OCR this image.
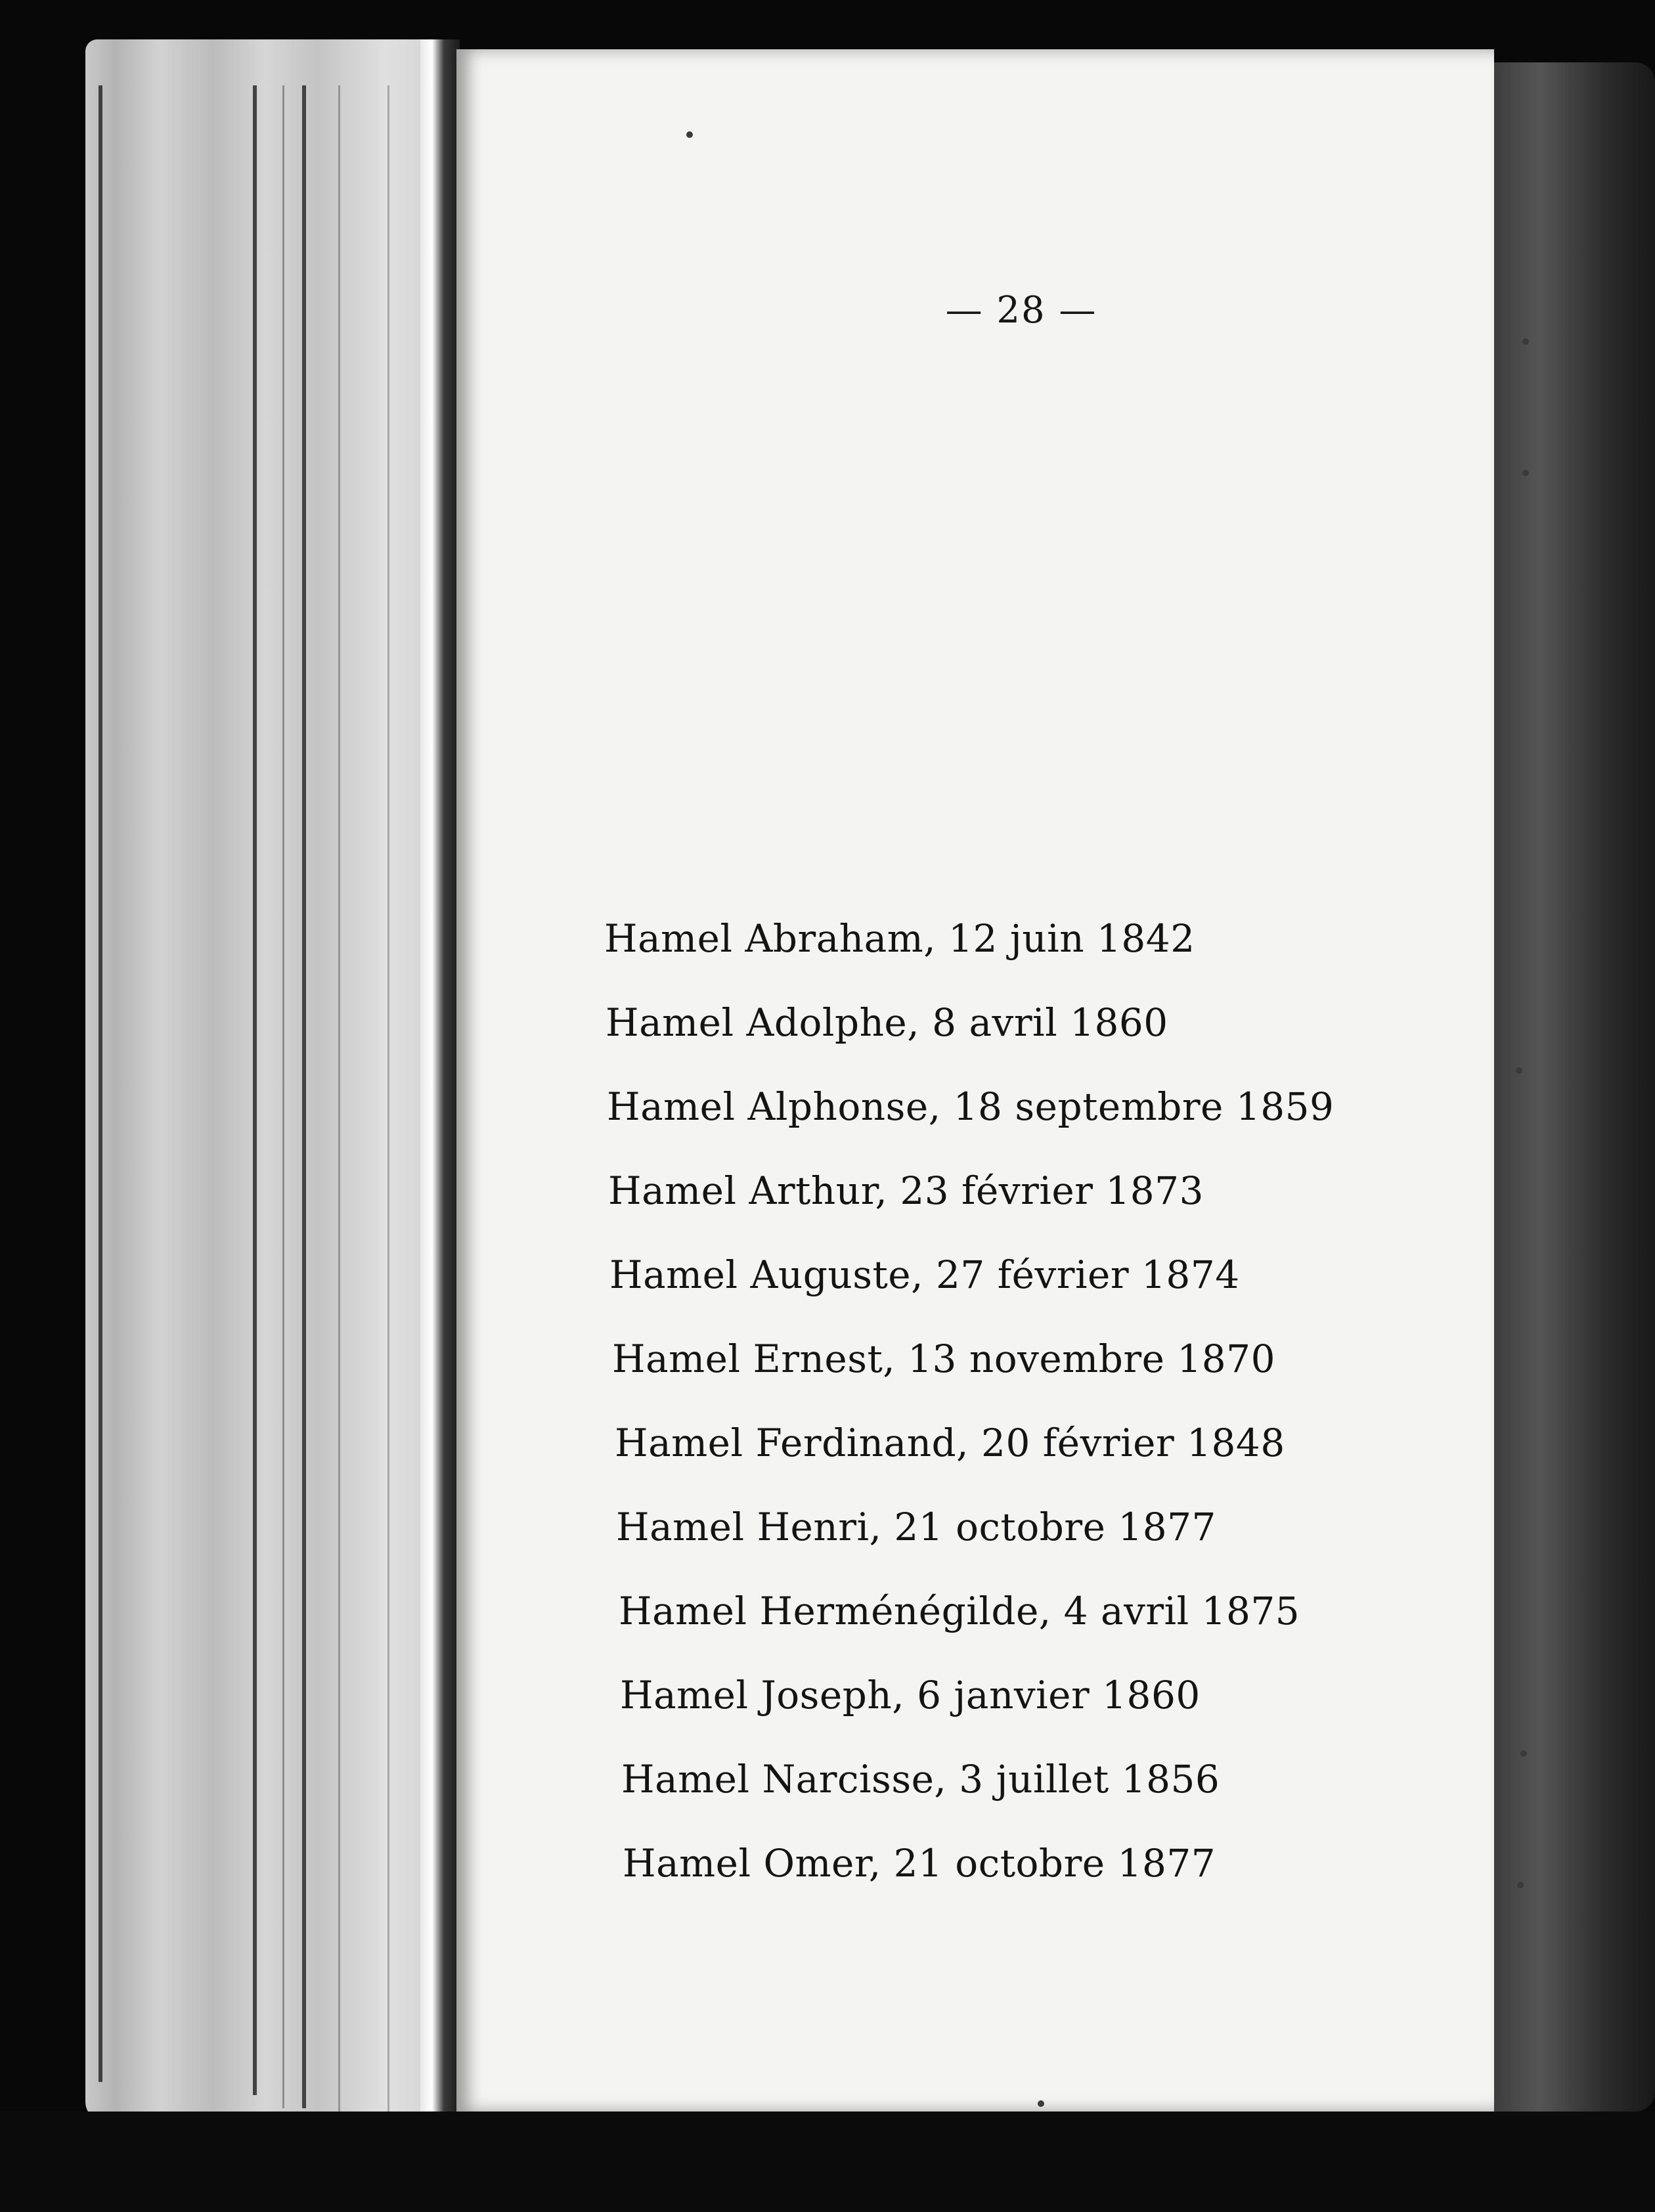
— 28 —
Hamel Abraham, 12 juin 1842
Hamel Adolphe, 8 avril 1860
Hamel Alphonse, 18 septembre 1859
Hamel Arthur, 23 février 1873
Hamel Auguste, 27 février 1874
Hamel Ernest, 13 novembre 1870
Hamel Ferdinand, 20 février 1848
Hamel Henri, 21 octobre 1877
Hamel Herménégilde, 4 avril 1875
Hamel Joseph, 6 janvier 1860
Hamel Narcisse, 3 juillet 1856
Hamel Omer, 21 octobre 1877
